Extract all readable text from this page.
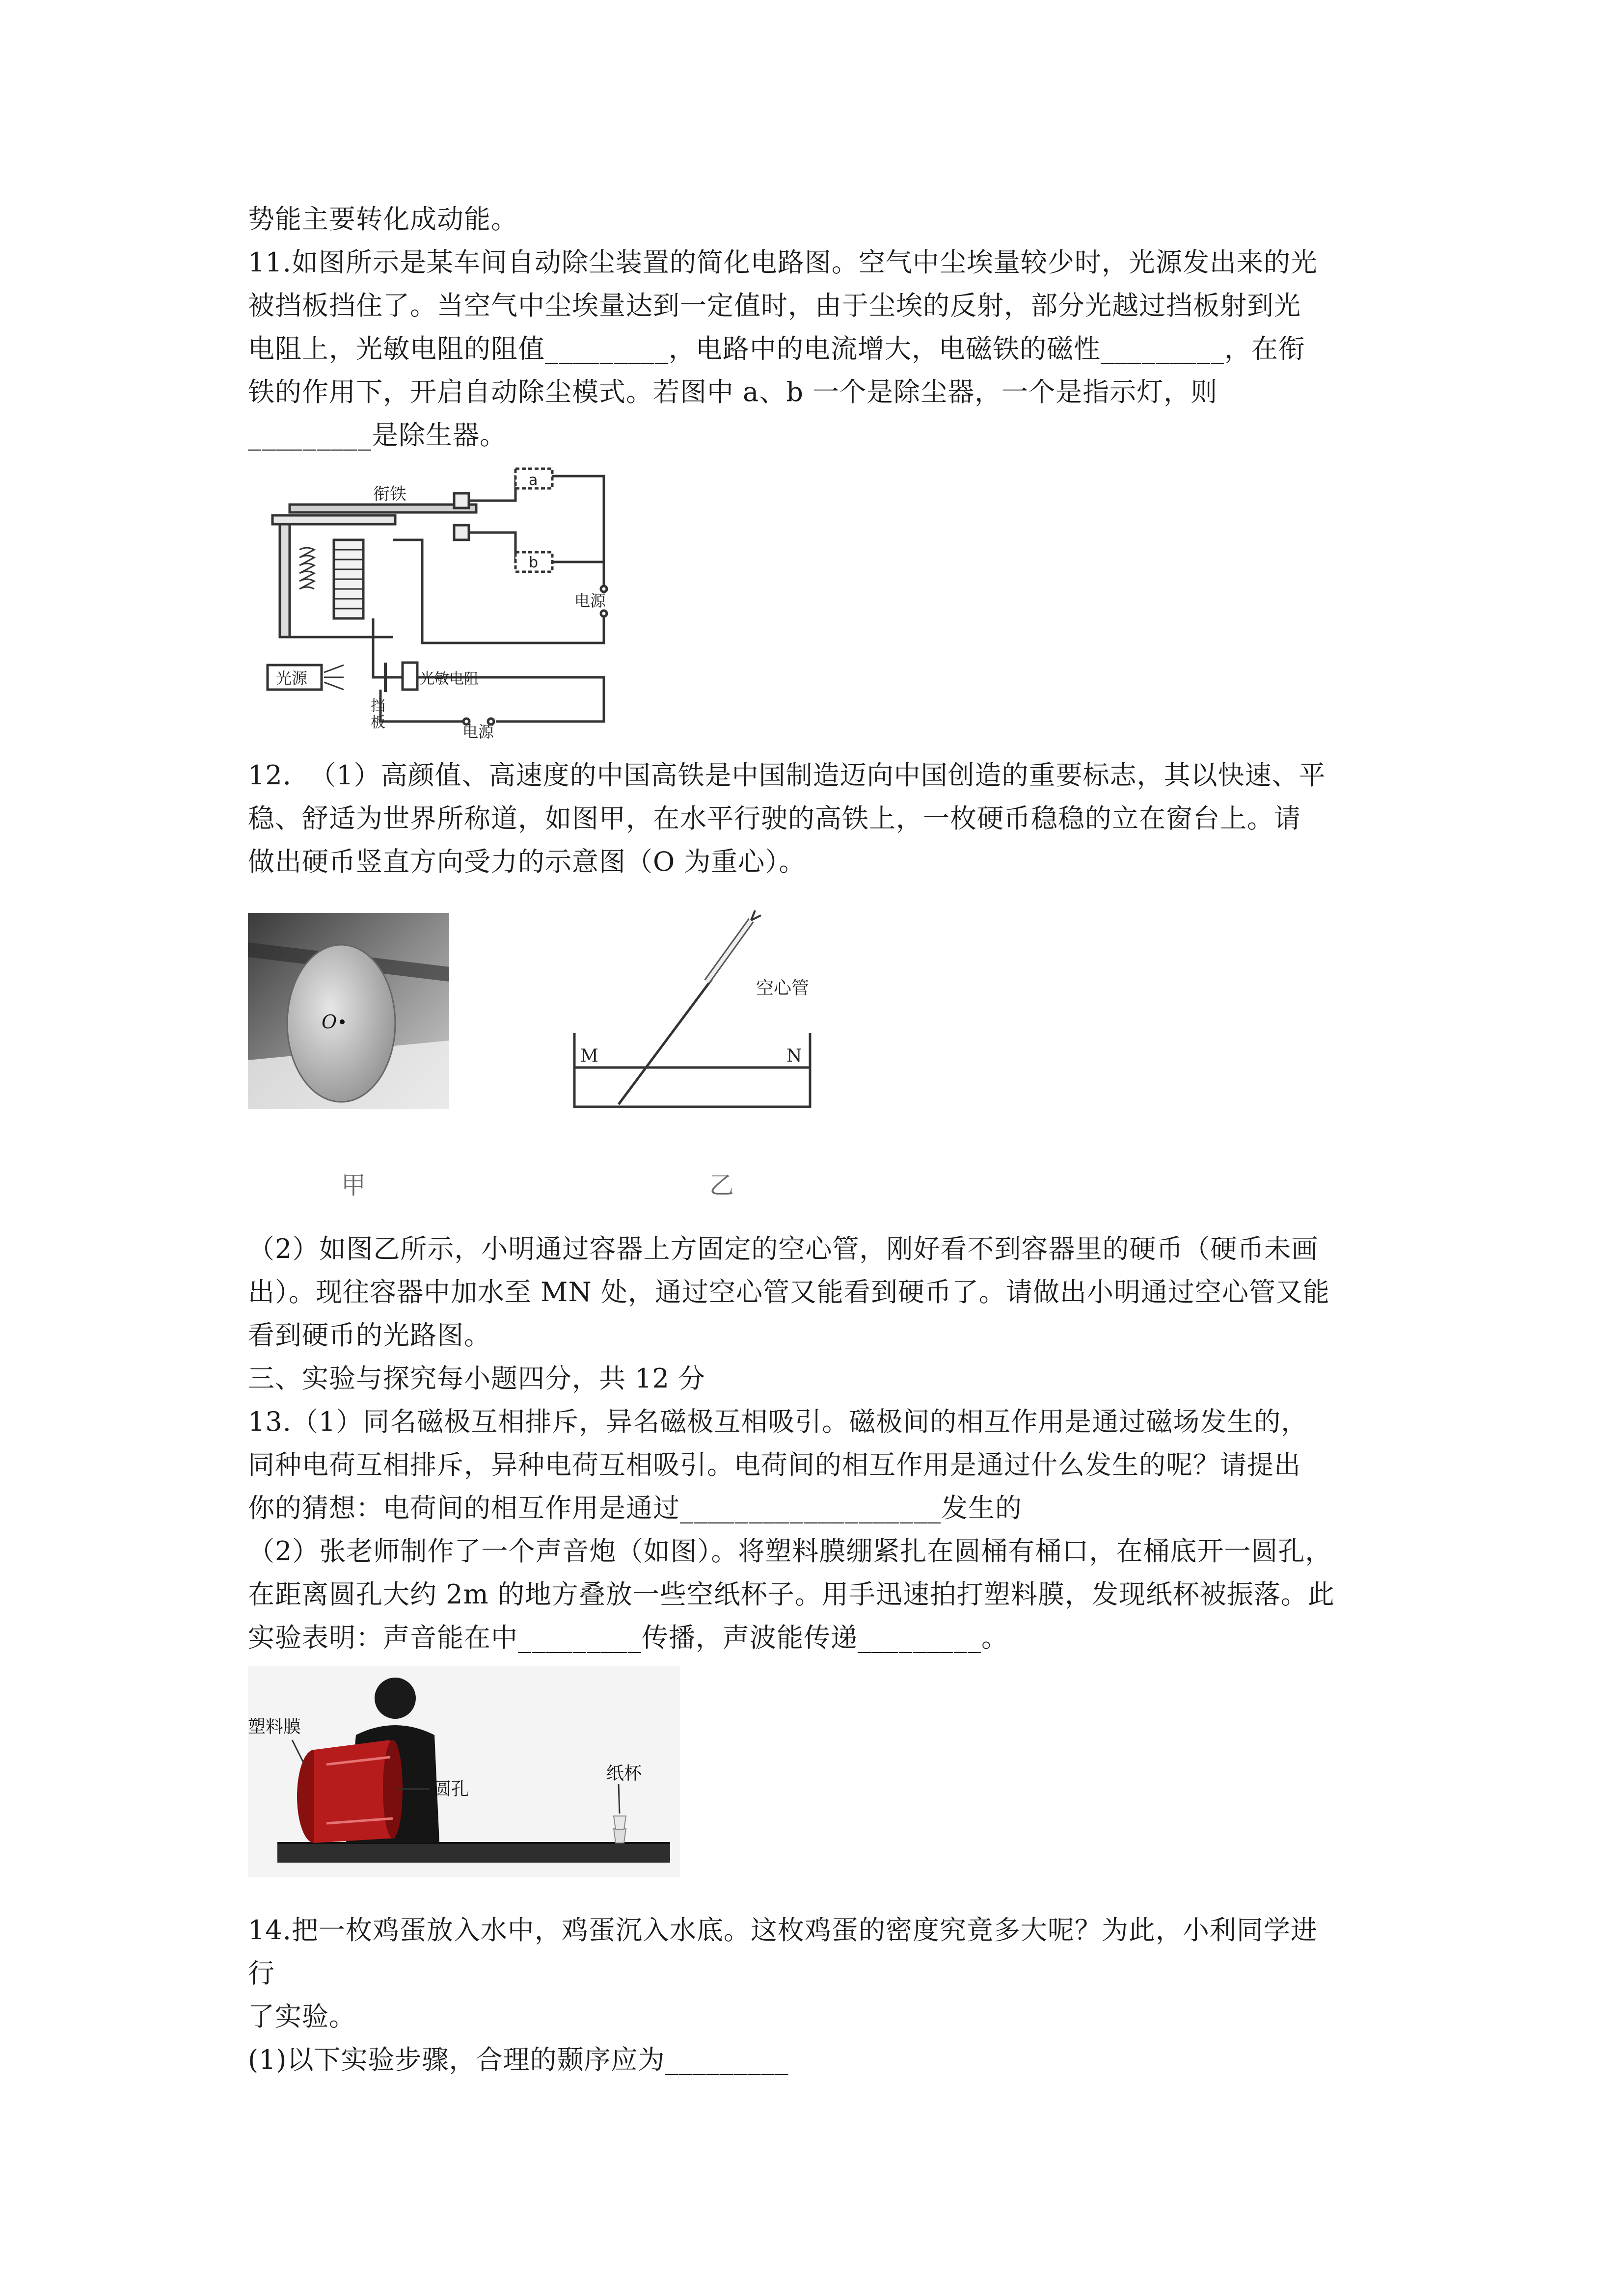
势能主要转化成动能。
11.如图所示是某车间自动除尘装置的简化电路图。空气中尘埃量较少时，光源发出来的光
被挡板挡住了。当空气中尘埃量达到一定值时，由于尘埃的反射，部分光越过挡板射到光
电阻上，光敏电阻的阻值_________，电路中的电流增大，电磁铁的磁性_________，在衔
铁的作用下，开启自动除尘模式。若图中 a、b 一个是除尘器，一个是指示灯，则
_________是除生器。
衔铁
a
b
电源
光源	光敏电阻
挡
板	电源
12.  （1）高颜值、高速度的中国高铁是中国制造迈向中国创造的重要标志，其以快速、平
稳、舒适为世界所称道，如图甲，在水平行驶的高铁上，一枚硬币稳稳的立在窗台上。请
做出硬币竖直方向受力的示意图（O 为重心）。
O
甲
M	N
空心管
乙
（2）如图乙所示，小明通过容器上方固定的空心管，刚好看不到容器里的硬币（硬币未画
出）。现往容器中加水至 MN 处，通过空心管又能看到硬币了。请做出小明通过空心管又能
看到硬币的光路图。
三、实验与探究每小题四分，共 12 分
13.（1）同名磁极互相排斥，异名磁极互相吸引。磁极间的相互作用是通过磁场发生的，
同种电荷互相排斥，异种电荷互相吸引。电荷间的相互作用是通过什么发生的呢？请提出
你的猜想：电荷间的相互作用是通过___________________发生的
（2）张老师制作了一个声音炮（如图）。将塑料膜绷紧扎在圆桶有桶口，在桶底开一圆孔，
在距离圆孔大约 2m 的地方叠放一些空纸杯子。用手迅速拍打塑料膜，发现纸杯被振落。此
实验表明：声音能在中_________传播，声波能传递_________。
塑料膜
圆孔
纸杯
14.把一枚鸡蛋放入水中，鸡蛋沉入水底。这枚鸡蛋的密度究竟多大呢？为此，小利同学进
行
了实验。
(1)以下实验步骤，合理的颞序应为_________
